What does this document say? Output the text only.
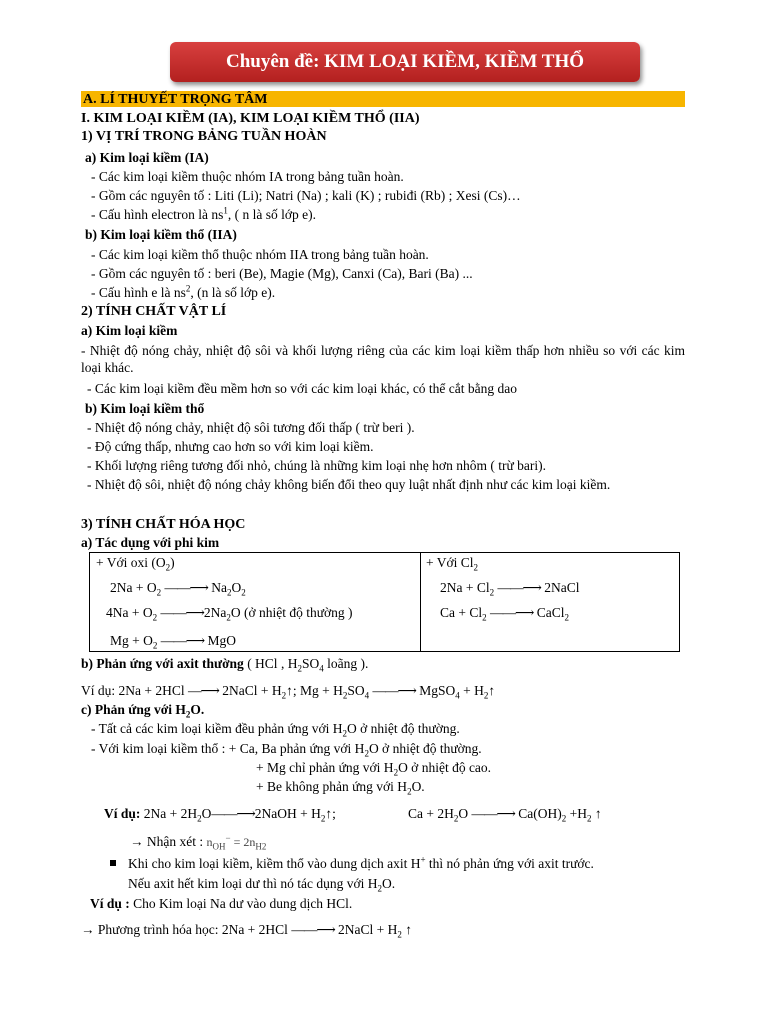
Chuyên đề: KIM LOẠI KIỀM, KIỀM THỔ
A. LÍ THUYẾT TRỌNG TÂM
I. KIM LOẠI KIỀM (IA), KIM LOẠI KIỀM THỔ (IIA)
1) VỊ TRÍ TRONG BẢNG TUẦN HOÀN
a) Kim loại kiềm (IA)
- Các kim loại kiềm thuộc nhóm IA trong bảng tuần hoàn.
- Gồm các nguyên tố : Liti (Li); Natri (Na) ; kali (K) ; rubiđi (Rb) ; Xesi (Cs)…
- Cấu hình electron là $ns^1$, ( n là số lớp e).
b) Kim loại kiềm thổ (IIA)
- Các kim loại kiềm thổ thuộc nhóm IIA trong bảng tuần hoàn.
- Gồm các nguyên tố : beri (Be), Magie (Mg), Canxi (Ca), Bari (Ba) ...
- Cấu hình e là $ns^2$, (n là số lớp e).
2) TÍNH CHẤT VẬT LÍ
a) Kim loại kiềm
- Nhiệt độ nóng chảy, nhiệt độ sôi và khối lượng riêng của các kim loại kiềm thấp hơn nhiều so với các kim loại khác.
- Các kim loại kiềm đều mềm hơn so với các kim loại khác, có thể cắt bằng dao
b) Kim loại kiềm thổ
- Nhiệt độ nóng chảy, nhiệt độ sôi tương đối thấp ( trừ beri ).
- Độ cứng thấp, nhưng cao hơn so với kim loại kiềm.
- Khối lượng riêng tương đối nhỏ, chúng là những kim loại nhẹ hơn nhôm ( trừ bari).
- Nhiệt độ sôi, nhiệt độ nóng chảy không biến đổi theo quy luật nhất định như các kim loại kiềm.
3) TÍNH CHẤT HÓA HỌC
a) Tác dụng với phi kim
+ Với oxi $(O_2)$
$2Na + O_2$ ——⟶ $Na_2O_2$
$4Na + O_2$ $——⟶2Na_2O$ (ở nhiệt độ thường )
$Mg + O_2$ ——⟶ MgO
+ Với $Cl_2$
$2Na + Cl_2$ ——⟶ 2NaCl
$Ca + Cl_2$ ——⟶ CaCl$_2$
b) Phản ứng với axit thường ( HCl , $H_2SO_4$ loãng ).
Ví dụ: 2Na + 2HCl —⟶ 2NaCl + $H_2↑$; $Mg + H_2SO_4$ ——⟶ MgSO$_4$ + $H_2↑$
c) Phản ứng với $H_2O$.
- Tất cả các kim loại kiềm đều phản ứng với $H_2O$ ở nhiệt độ thường.
- Với kim loại kiềm thổ : + Ca, Ba phản ứng với $H_2O$ ở nhiệt độ thường.
+ Mg chỉ phản ứng với $H_2O$ ở nhiệt độ cao.
+ Be không phản ứng với $H_2O$.
Ví dụ: $2Na + 2H_2O——⟶2NaOH$ + $H_2↑$;	$Ca + 2H_2O$ ——⟶ $Ca(OH)_2 +H_2$ ↑
→ Nhận xét : $n_{OH}^- = 2n_{H2}$
Khi cho kim loại kiềm, kiềm thổ vào dung dịch axit H+ thì nó phản ứng với axit trước.
Nếu axit hết kim loại dư thì nó tác dụng với $H_2O$.
Ví dụ : Cho Kim loại Na dư vào dung dịch HCl.
→ Phương trình hóa học: 2Na + 2HCl ——⟶ 2NaCl + $H_2$ ↑
